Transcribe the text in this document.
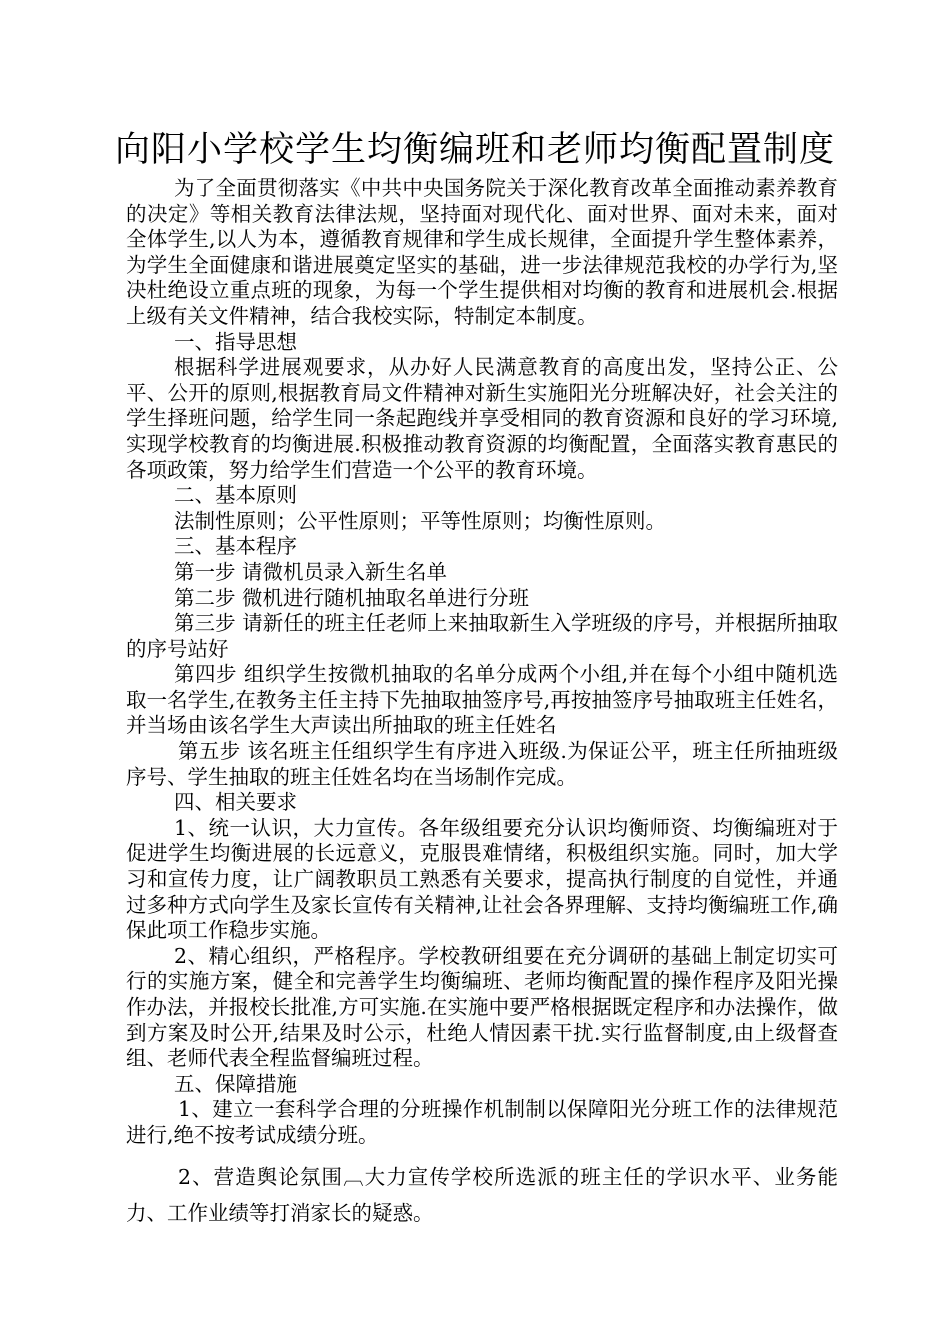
向阳小学校学生均衡编班和老师均衡配置制度

为了全面贯彻落实《中共中央国务院关于深化教育改革全面推动素养教育的决定》等相关教育法律法规，坚持面对现代化、面对世界、面对未来，面对全体学生,以人为本，遵循教育规律和学生成长规律，全面提升学生整体素养，为学生全面健康和谐进展奠定坚实的基础，进一步法律规范我校的办学行为,坚决杜绝设立重点班的现象，为每一个学生提供相对均衡的教育和进展机会.根据上级有关文件精神，结合我校实际，特制定本制度。

一、指导思想

根据科学进展观要求，从办好人民满意教育的高度出发，坚持公正、公平、公开的原则,根据教育局文件精神对新生实施阳光分班解决好，社会关注的学生择班问题，给学生同一条起跑线并享受相同的教育资源和良好的学习环境,实现学校教育的均衡进展.积极推动教育资源的均衡配置，全面落实教育惠民的各项政策，努力给学生们营造一个公平的教育环境。

二、基本原则

法制性原则；公平性原则；平等性原则；均衡性原则。

三、基本程序

第一步 请微机员录入新生名单

第二步 微机进行随机抽取名单进行分班

第三步 请新任的班主任老师上来抽取新生入学班级的序号，并根据所抽取的序号站好

第四步 组织学生按微机抽取的名单分成两个小组,并在每个小组中随机选取一名学生,在教务主任主持下先抽取抽签序号,再按抽签序号抽取班主任姓名，并当场由该名学生大声读出所抽取的班主任姓名

第五步 该名班主任组织学生有序进入班级.为保证公平，班主任所抽班级序号、学生抽取的班主任姓名均在当场制作完成。

四、相关要求

1、统一认识，大力宣传。各年级组要充分认识均衡师资、均衡编班对于促进学生均衡进展的长远意义，克服畏难情绪，积极组织实施。同时，加大学习和宣传力度，让广阔教职员工熟悉有关要求，提高执行制度的自觉性，并通过多种方式向学生及家长宣传有关精神,让社会各界理解、支持均衡编班工作,确保此项工作稳步实施。

2、精心组织，严格程序。学校教研组要在充分调研的基础上制定切实可行的实施方案，健全和完善学生均衡编班、老师均衡配置的操作程序及阳光操作办法，并报校长批准,方可实施.在实施中要严格根据既定程序和办法操作，做到方案及时公开,结果及时公示，杜绝人情因素干扰.实行监督制度,由上级督查组、老师代表全程监督编班过程。

五、保障措施

1、建立一套科学合理的分班操作机制制以保障阳光分班工作的法律规范进行,绝不按考试成绩分班。

2、营造舆论氛围︹大力宣传学校所选派的班主任的学识水平、业务能力、工作业绩等打消家长的疑惑。
